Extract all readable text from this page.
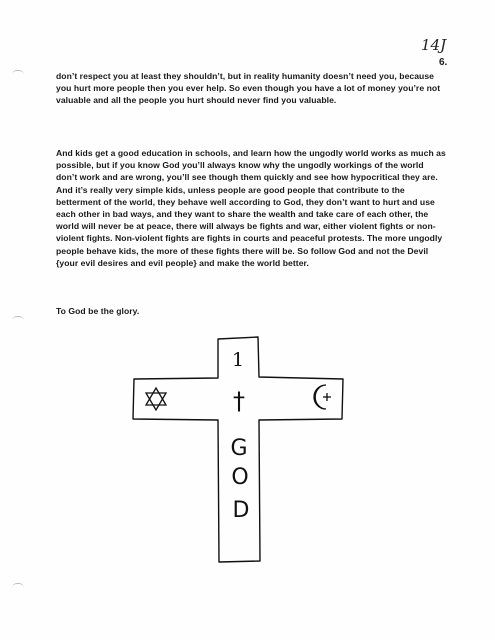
14J
6.

don’t respect you at least they shouldn’t, but in reality humanity doesn’t need you, because you hurt more people then you ever help. So even though you have a lot of money you’re not valuable and all the people you hurt should never find you valuable.

And kids get a good education in schools, and learn how the ungodly world works as much as possible, but if you know God you’ll always know why the ungodly workings of the world don’t work and are wrong, you’ll see though them quickly and see how hypocritical they are. And it’s really very simple kids, unless people are good people that contribute to the betterment of the world, they behave well according to God, they don’t want to hurt and use each other in bad ways, and they want to share the wealth and take care of each other, the world will never be at peace, there will always be fights and war, either violent fights or non-violent fights. Non-violent fights are fights in courts and peaceful protests. The more ungodly people behave kids, the more of these fights there will be. So follow God and not the Devil {your evil desires and evil people} and make the world better.

To God be the glory.

1
†
G
O
D
